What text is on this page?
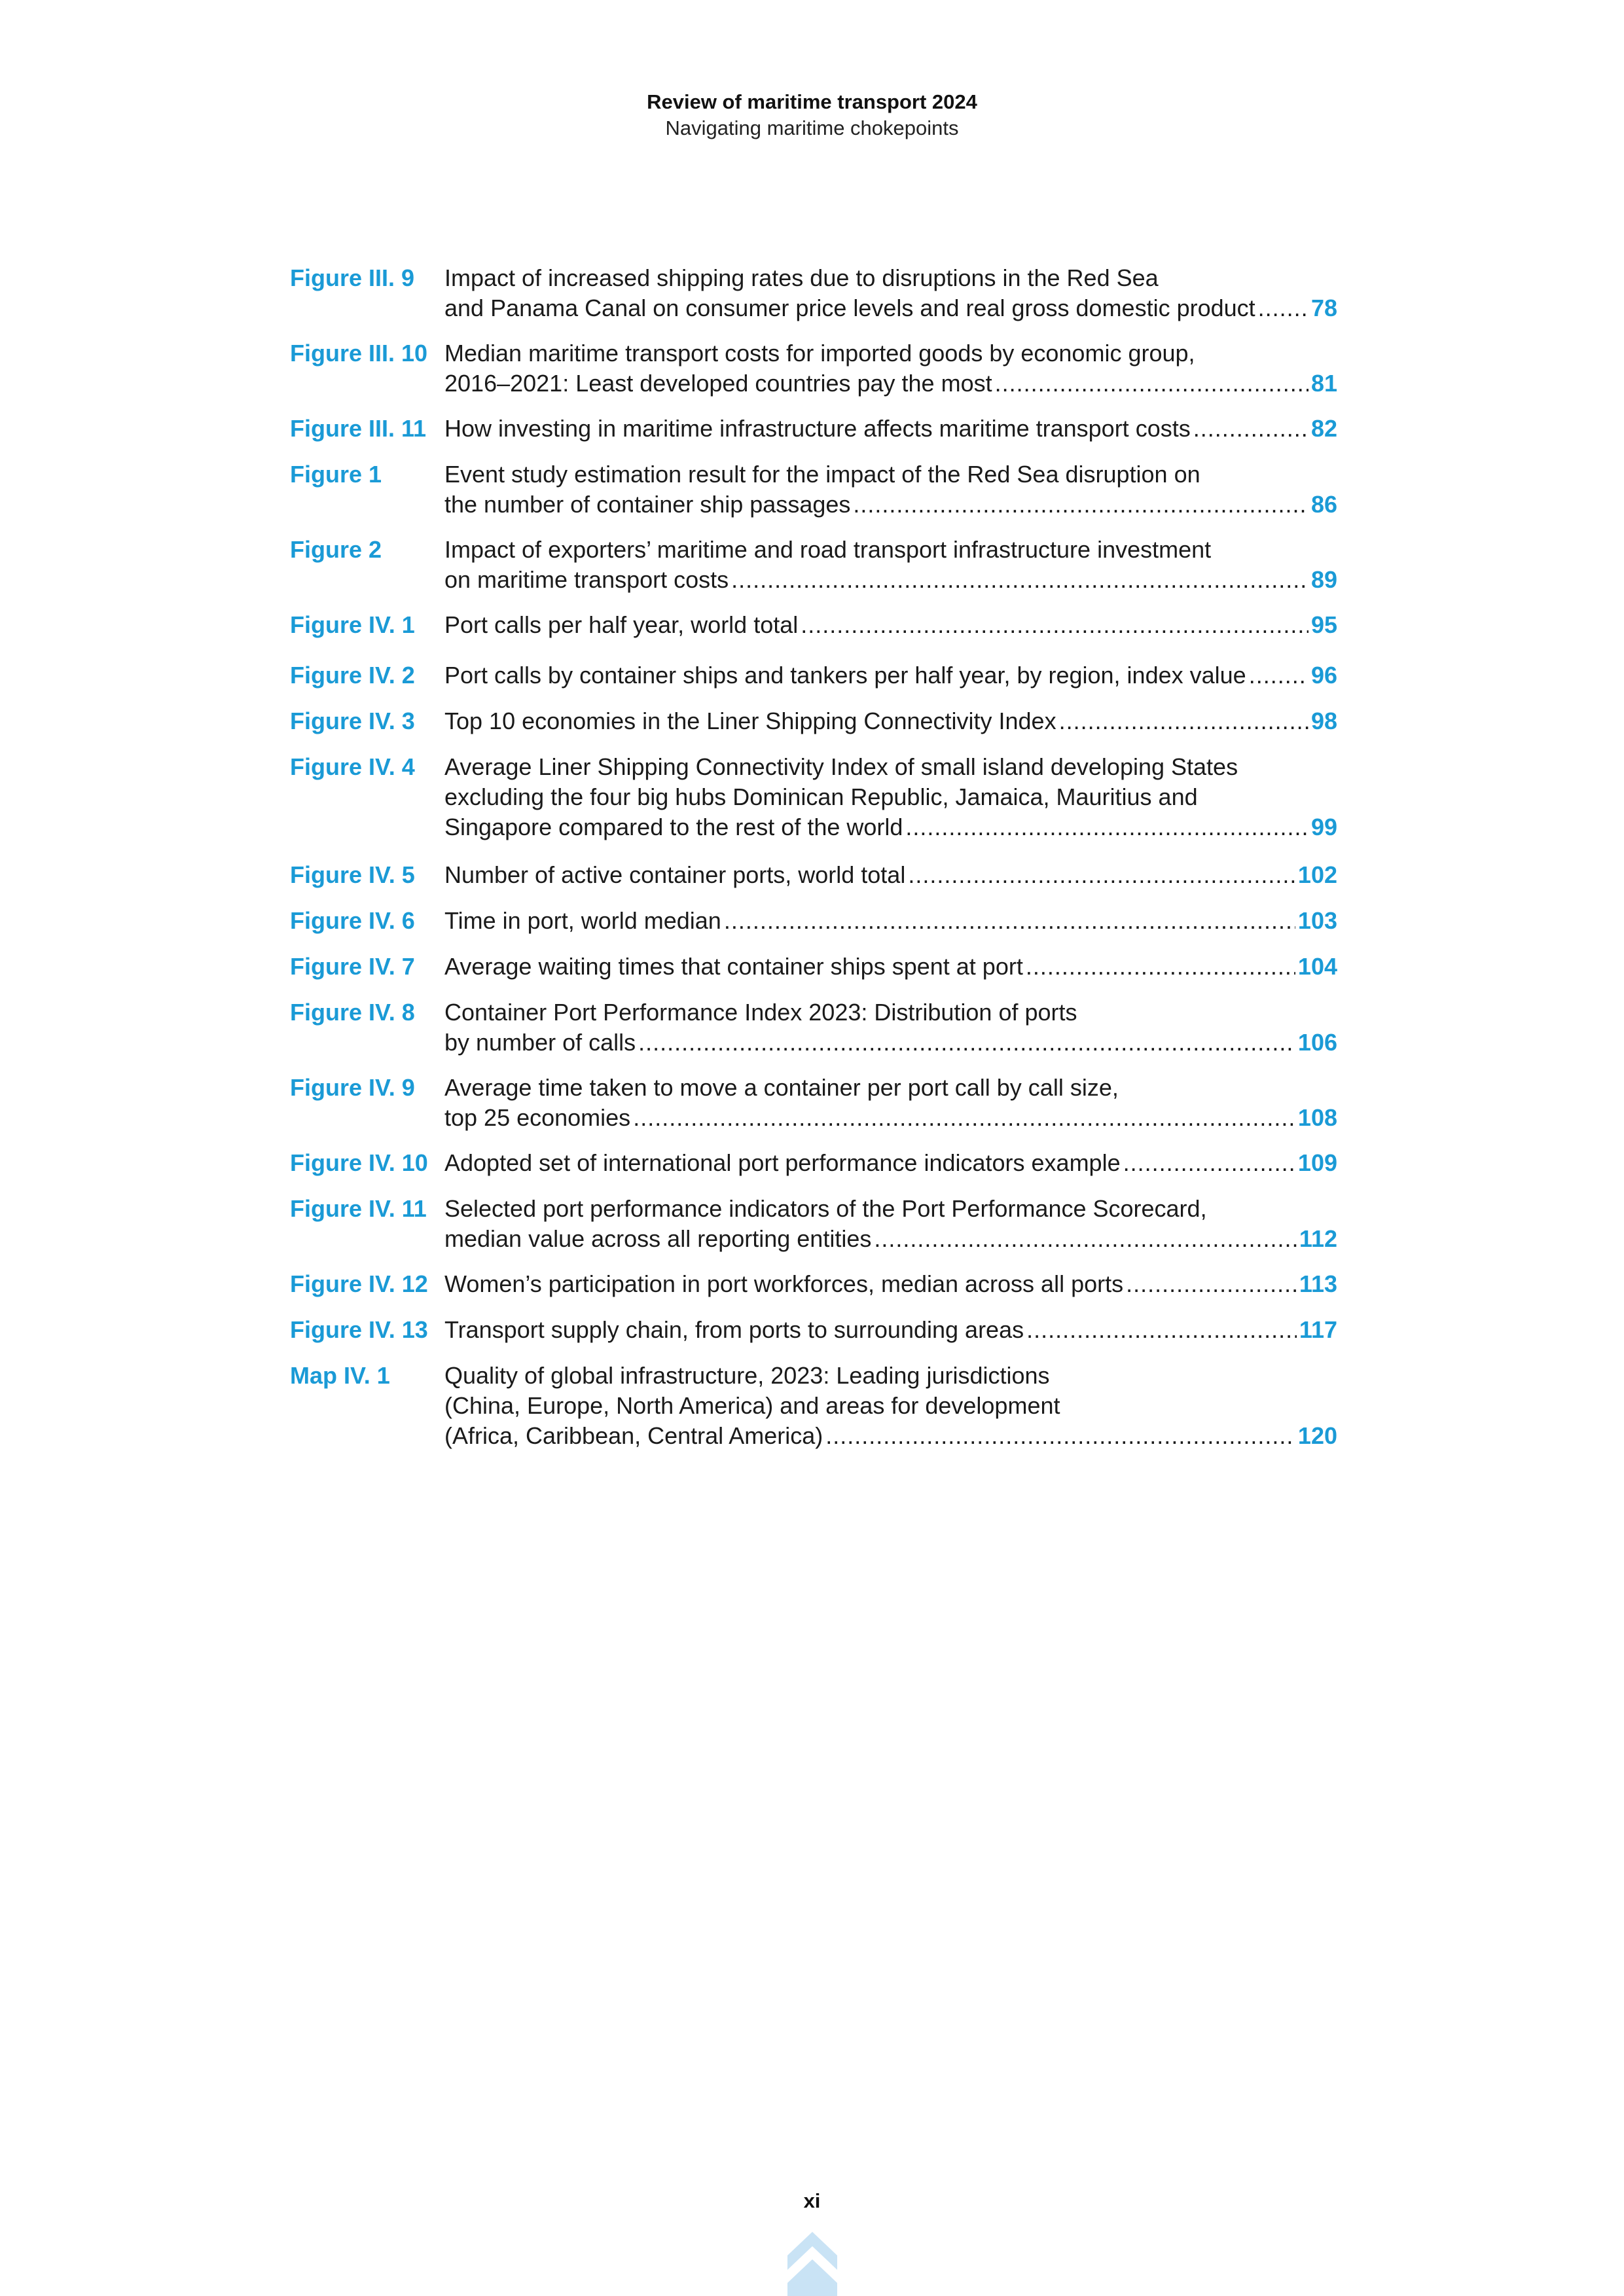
Review of maritime transport 2024
Navigating maritime chokepoints
Figure III. 9	Impact of increased shipping rates due to disruptions in the Red Sea
and Panama Canal on consumer price levels and real gross domestic product ..... 78
Figure III. 10 Median maritime transport costs for imported goods by economic group,
2016–2021: Least developed countries pay the most .....	81
Figure III. 11 How investing in maritime infrastructure affects maritime transport costs .....	82
Figure 1	Event study estimation result for the impact of the Red Sea disruption on
the number of container ship passages .....	86
Figure 2	Impact of exporters’ maritime and road transport infrastructure investment
on maritime transport costs .....	89
Figure IV. 1	Port calls per half year, world total .....	95
Figure IV. 2	Port calls by container ships and tankers per half year, by region, index value .....	96
Figure IV. 3	Top 10 economies in the Liner Shipping Connectivity Index .....	98
Figure IV. 4	Average Liner Shipping Connectivity Index of small island developing States
excluding the four big hubs Dominican Republic, Jamaica, Mauritius and
Singapore compared to the rest of the world .....	99
Figure IV. 5	Number of active container ports, world total .....	102
Figure IV. 6	Time in port, world median .....	103
Figure IV. 7	Average waiting times that container ships spent at port .....	104
Figure IV. 8	Container Port Performance Index 2023: Distribution of ports
by number of calls .....	106
Figure IV. 9	Average time taken to move a container per port call by call size,
top 25 economies .....	108
Figure IV. 10 Adopted set of international port performance indicators example .....	109
Figure IV. 11 Selected port performance indicators of the Port Performance Scorecard,
median value across all reporting entities .....	112
Figure IV. 12 Women’s participation in port workforces, median across all ports .....	113
Figure IV. 13 Transport supply chain, from ports to surrounding areas .....	117
Map IV. 1	Quality of global infrastructure, 2023: Leading jurisdictions
(China, Europe, North America) and areas for development
(Africa, Caribbean, Central America) .....	120
xi
